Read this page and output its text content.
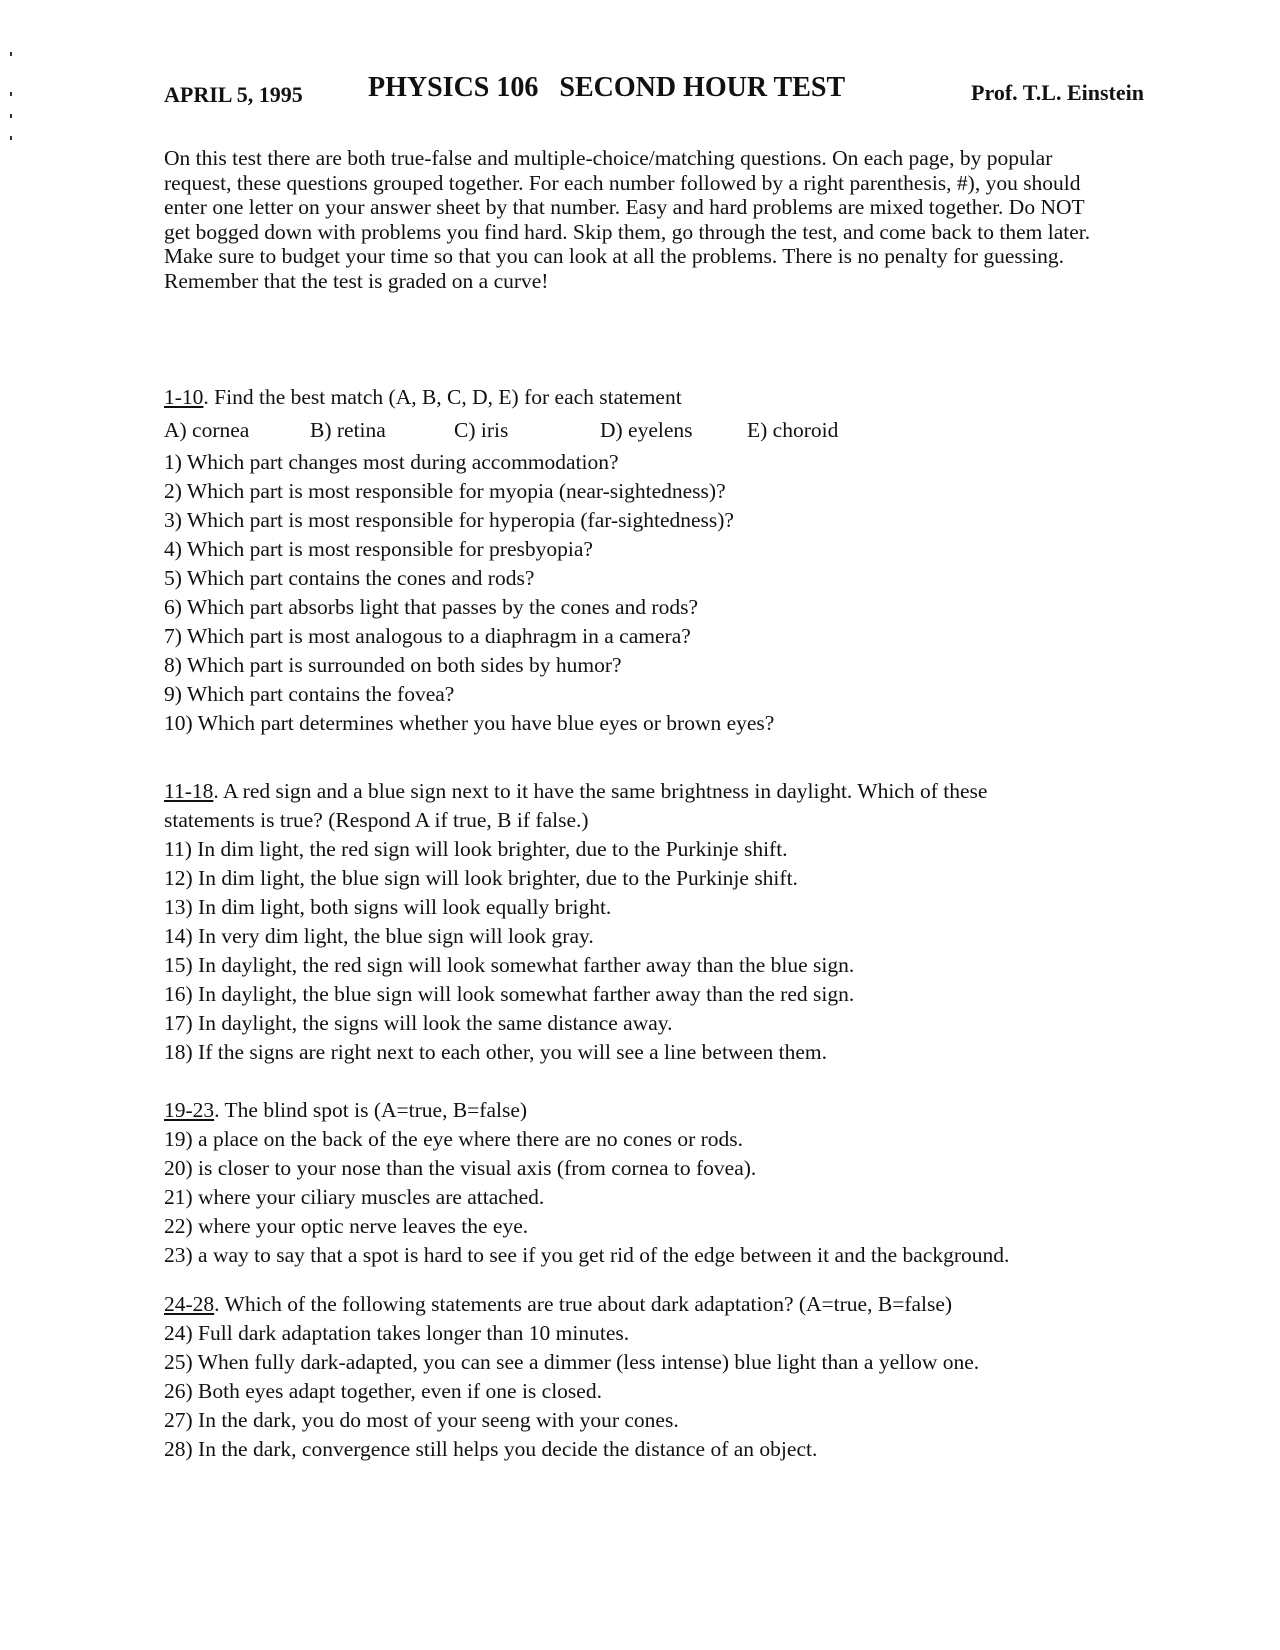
APRIL 5, 1995 PHYSICS 106   SECOND HOUR TEST	Prof. T.L. Einstein

On this test there are both true-false and multiple-choice/matching questions. On each page, by popular request, these questions grouped together. For each number followed by a right parenthesis, #), you should enter one letter on your answer sheet by that number. Easy and hard problems are mixed together. Do NOT get bogged down with problems you find hard. Skip them, go through the test, and come back to them later. Make sure to budget your time so that you can look at all the problems. There is no penalty for guessing. Remember that the test is graded on a curve!

1-10. Find the best match (A, B, C, D, E) for each statement
A) cornea	B) retina	C) iris	D) eyelens	E) choroid
1) Which part changes most during accommodation?
2) Which part is most responsible for myopia (near-sightedness)?
3) Which part is most responsible for hyperopia (far-sightedness)?
4) Which part is most responsible for presbyopia?
5) Which part contains the cones and rods?
6) Which part absorbs light that passes by the cones and rods?
7) Which part is most analogous to a diaphragm in a camera?
8) Which part is surrounded on both sides by humor?
9) Which part contains the fovea?
10) Which part determines whether you have blue eyes or brown eyes?
11-18. A red sign and a blue sign next to it have the same brightness in daylight. Which of these statements is true? (Respond A if true, B if false.)
11) In dim light, the red sign will look brighter, due to the Purkinje shift.
12) In dim light, the blue sign will look brighter, due to the Purkinje shift.
13) In dim light, both signs will look equally bright.
14) In very dim light, the blue sign will look gray.
15) In daylight, the red sign will look somewhat farther away than the blue sign.
16) In daylight, the blue sign will look somewhat farther away than the red sign.
17) In daylight, the signs will look the same distance away.
18) If the signs are right next to each other, you will see a line between them.
19-23. The blind spot is (A=true, B=false)
19) a place on the back of the eye where there are no cones or rods.
20) is closer to your nose than the visual axis (from cornea to fovea).
21) where your ciliary muscles are attached.
22) where your optic nerve leaves the eye.
23) a way to say that a spot is hard to see if you get rid of the edge between it and the background.
24-28. Which of the following statements are true about dark adaptation? (A=true, B=false)
24) Full dark adaptation takes longer than 10 minutes.
25) When fully dark-adapted, you can see a dimmer (less intense) blue light than a yellow one.
26) Both eyes adapt together, even if one is closed.
27) In the dark, you do most of your seeng with your cones.
28) In the dark, convergence still helps you decide the distance of an object.
